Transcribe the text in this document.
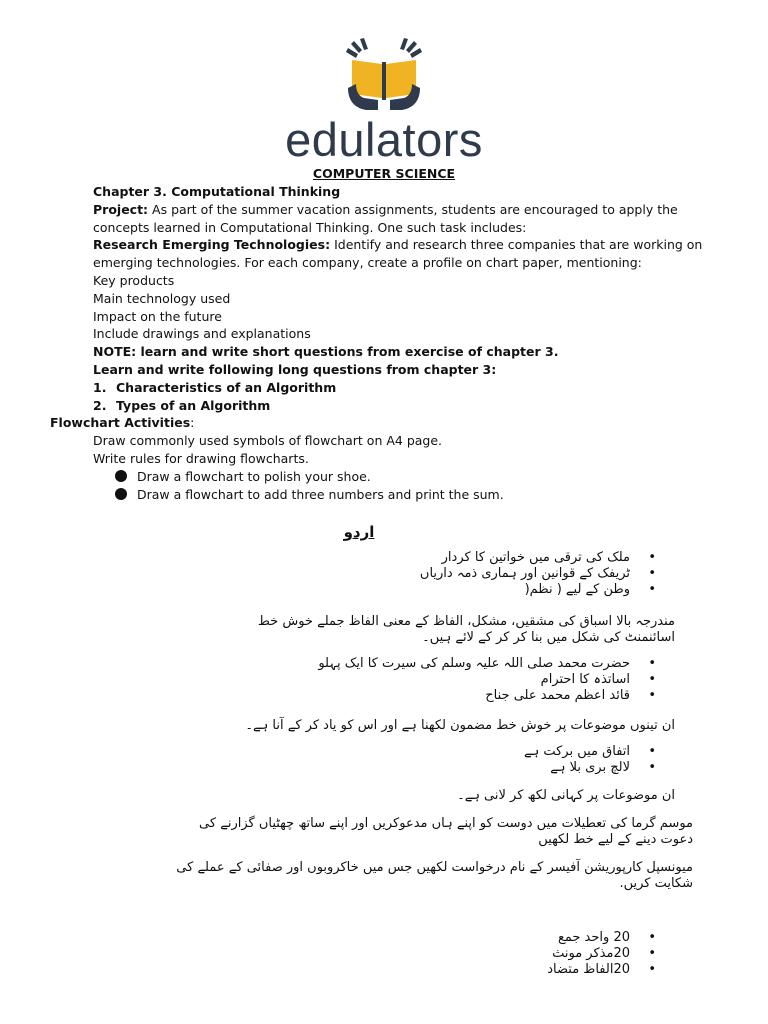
edulators
COMPUTER SCIENCE
Chapter 3. Computational Thinking
Project: As part of the summer vacation assignments, students are encouraged to apply the
concepts learned in Computational Thinking. One such task includes:
Research Emerging Technologies: Identify and research three companies that are working on
emerging technologies. For each company, create a profile on chart paper, mentioning:
Key products
Main technology used
Impact on the future
Include drawings and explanations
NOTE: learn and write short questions from exercise of chapter 3.
Learn and write following long questions from chapter 3:
1. Characteristics of an Algorithm
2. Types of an Algorithm
Flowchart Activities:
Draw commonly used symbols of flowchart on A4 page.
Write rules for drawing flowcharts.
Draw a flowchart to polish your shoe.
Draw a flowchart to add three numbers and print the sum.
اردو
• ملک کی ترقی میں خواتین کا کردار
• ٹریفک کے قوانین اور ہماری ذمہ داریاں
• وطن کے لیے ( نظم(
مندرجہ بالا اسباق کی مشقیں، مشکل، الفاظ کے معنی الفاظ جملے خوش خط
اسائنمنٹ کی شکل میں بنا کر کر کے لائے ہیں۔
• حضرت محمد صلی اللہ علیہ وسلم کی سیرت کا ایک پہلو
• اساتذہ کا احترام
• قائد اعظم محمد علی جناح
ان تینوں موضوعات پر خوش خط مضمون لکھنا ہے اور اس کو یاد کر کے آنا ہے۔
• اتفاق میں برکت ہے
• لالچ بری بلا ہے
ان موضوعات پر کہانی لکھ کر لانی ہے۔
موسم گرما کی تعطیلات میں دوست کو اپنے ہاں مدعوکریں اور اپنے ساتھ چھٹیاں گزارنے کی
دعوت دینے کے لیے خط لکھیں
میونسپل کارپوریشن آفیسر کے نام درخواست لکھیں جس میں خاکروبوں اور صفائی کے عملے کی
شکایت کریں.
• 20 واحد جمع
• 20مذکر مونث
• 20الفاظ متضاد
